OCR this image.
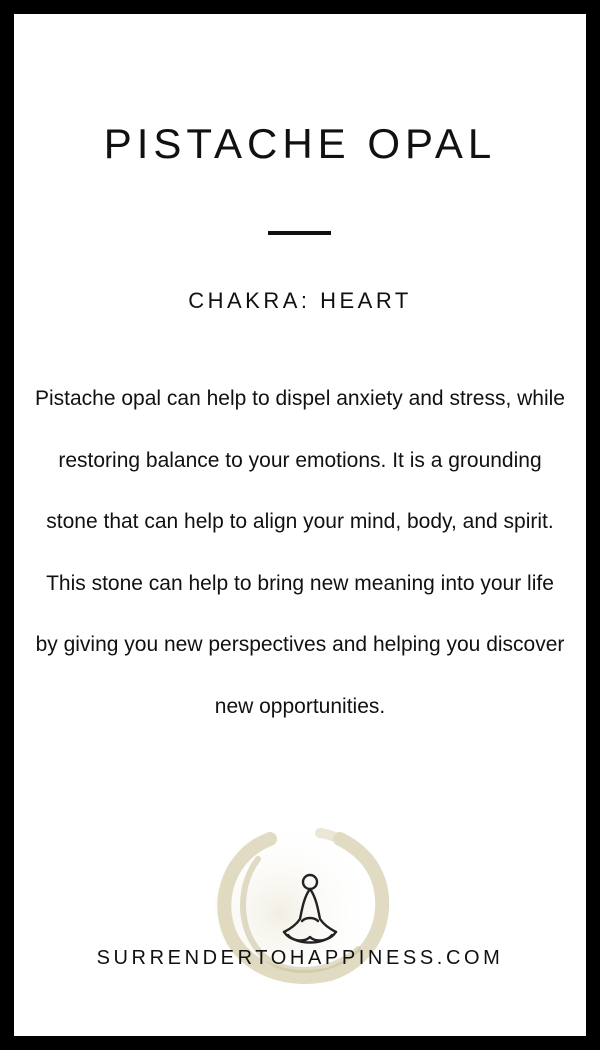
PISTACHE OPAL
CHAKRA: HEART

Pistache opal can help to dispel anxiety and stress, while restoring balance to your emotions. It is a grounding stone that can help to align your mind, body, and spirit. This stone can help to bring new meaning into your life by giving you new perspectives and helping you discover new opportunities.

SURRENDERTOHAPPINESS.COM
